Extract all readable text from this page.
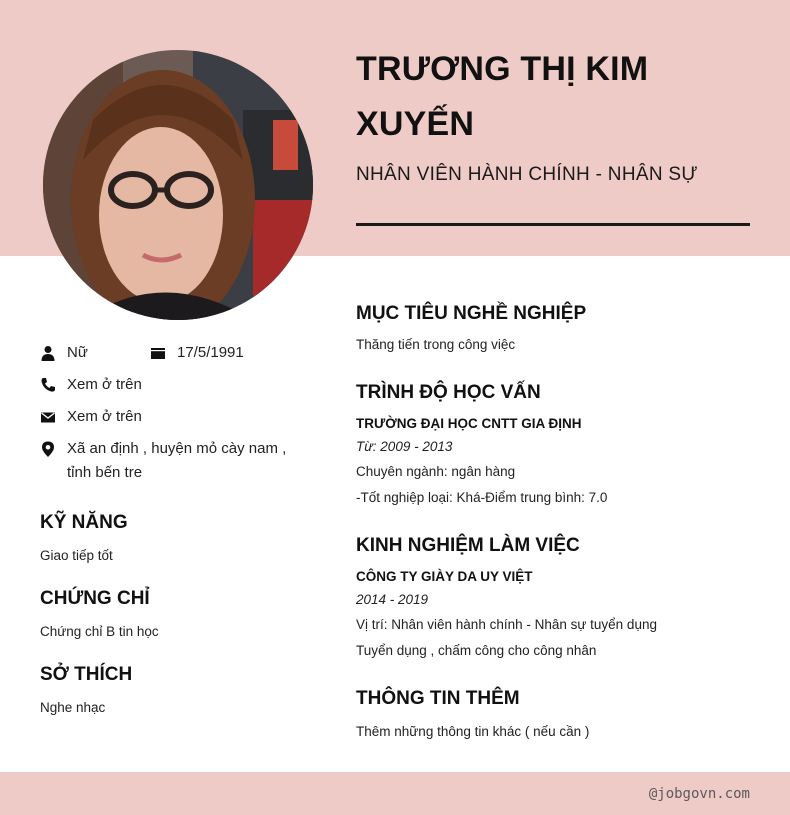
TRƯƠNG THỊ KIM XUYẾN
NHÂN VIÊN HÀNH CHÍNH - NHÂN SỰ
Nữ	17/5/1991
Xem ở trên
Xem ở trên
Xã an định , huyện mỏ cày nam ,
tỉnh bến tre
KỸ NĂNG
Giao tiếp tốt
CHỨNG CHỈ
Chứng chỉ B tin học
SỞ THÍCH
Nghe nhạc
MỤC TIÊU NGHỀ NGHIỆP
Thăng tiến trong công việc
TRÌNH ĐỘ HỌC VẤN
TRƯỜNG ĐẠI HỌC CNTT GIA ĐỊNH
Từ: 2009 - 2013
Chuyên ngành: ngân hàng
-Tốt nghiệp loại: Khá-Điểm trung bình: 7.0
KINH NGHIỆM LÀM VIỆC
CÔNG TY GIÀY DA UY VIỆT
2014 - 2019
Vị trí: Nhân viên hành chính - Nhân sự tuyển dụng
Tuyển dụng , chấm công cho công nhân
THÔNG TIN THÊM
Thêm những thông tin khác ( nếu cần )
@jobgovn.com
